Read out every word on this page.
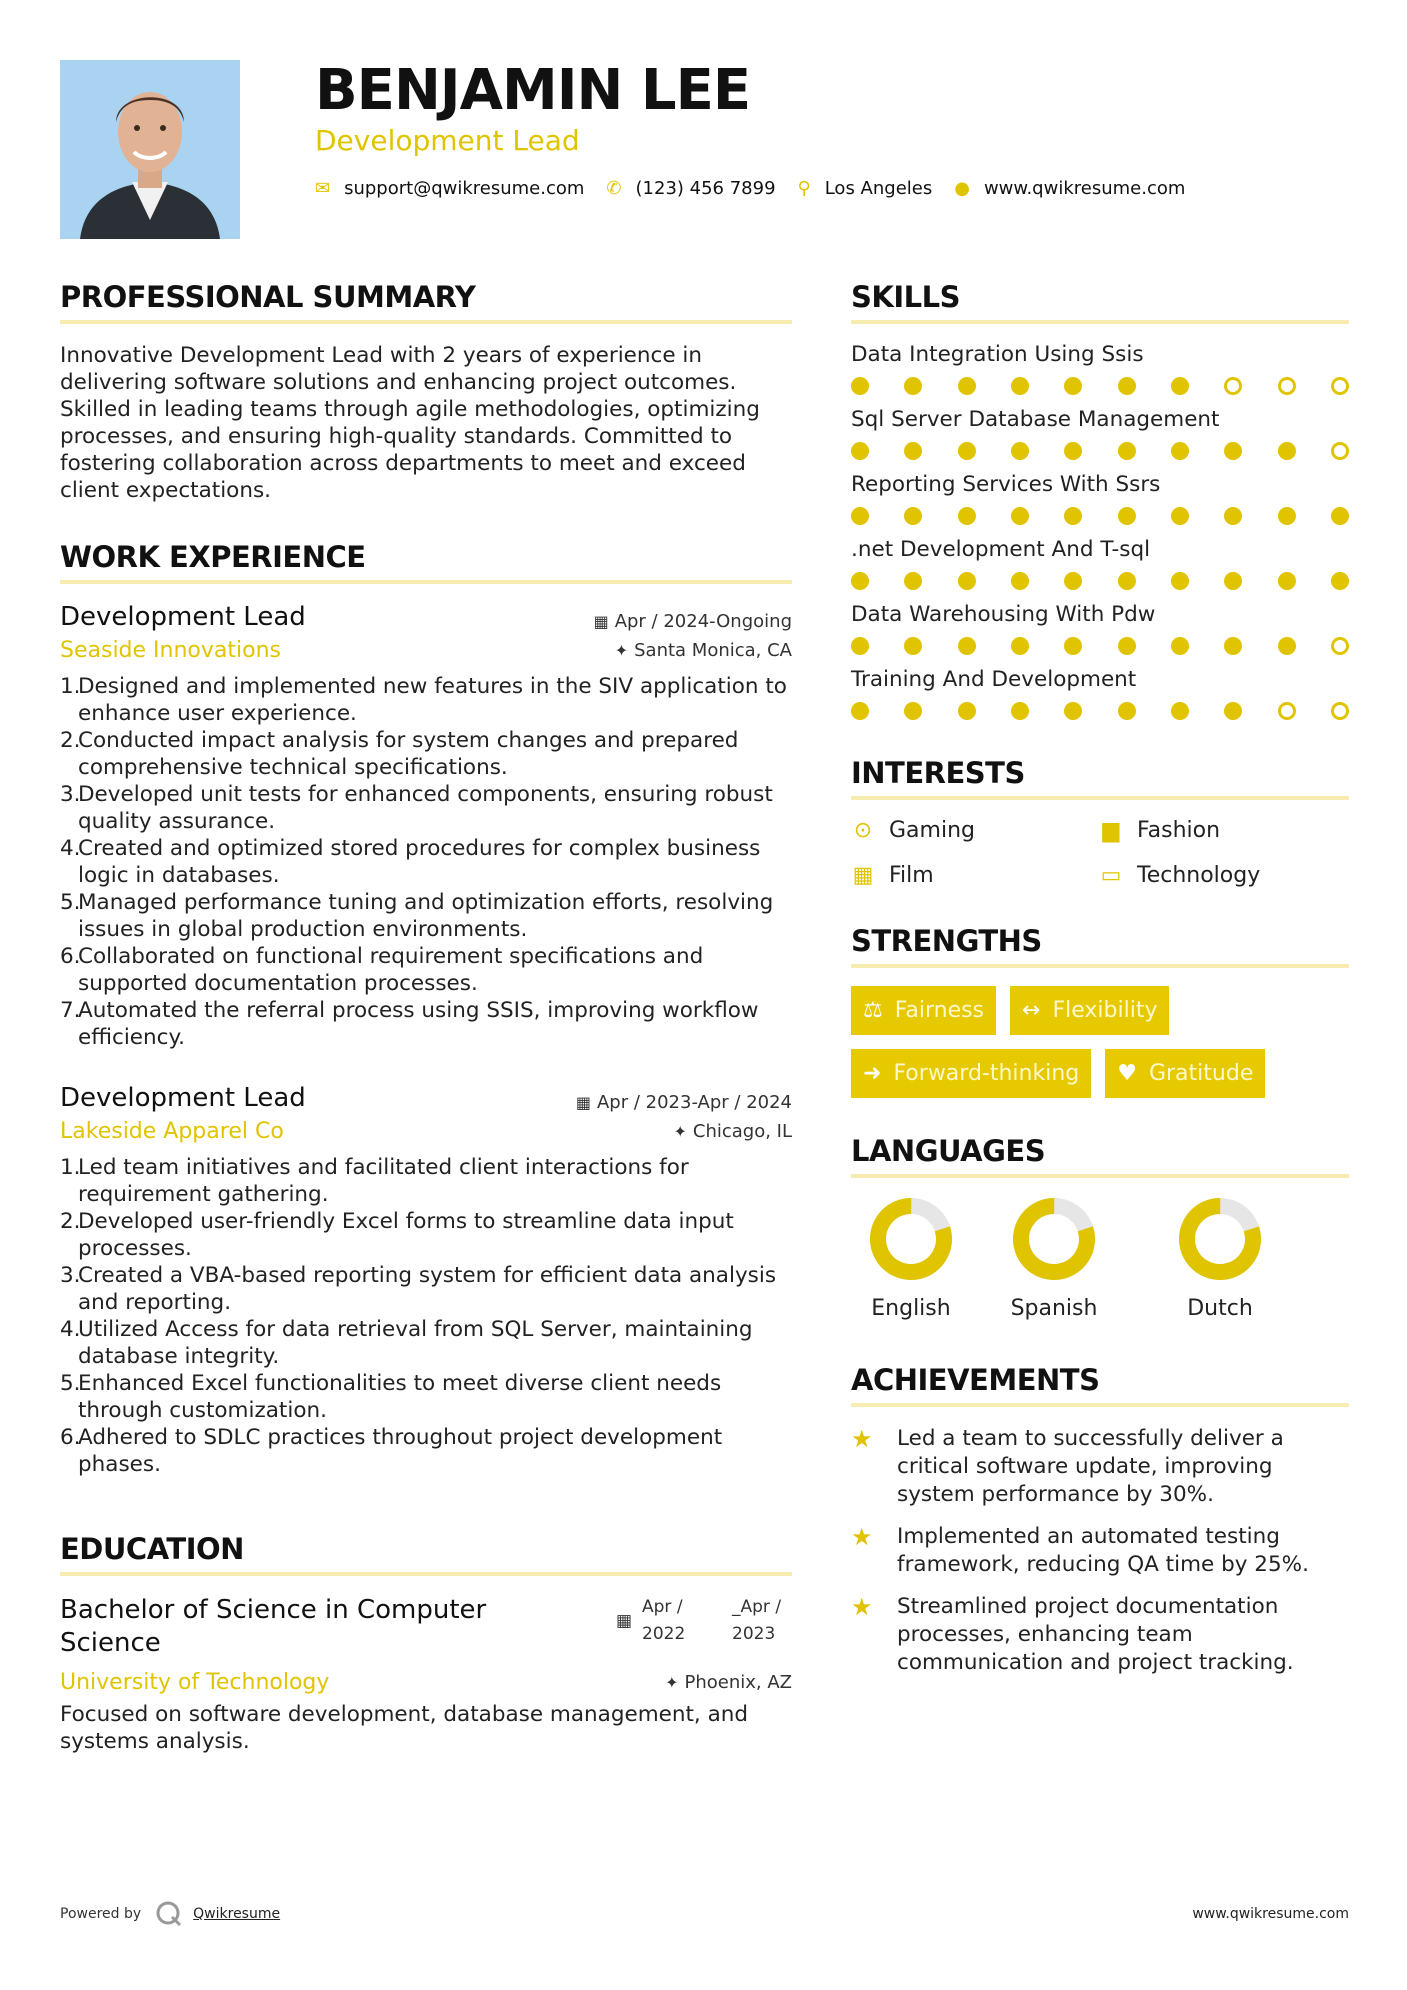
BENJAMIN LEE
Development Lead
✉ support@qwikresume.com ✆ (123) 456 7899 ⚲ Los Angeles ● www.qwikresume.com
PROFESSIONAL SUMMARY
Innovative Development Lead with 2 years of experience in delivering software solutions and enhancing project outcomes. Skilled in leading teams through agile methodologies, optimizing processes, and ensuring high-quality standards. Committed to fostering collaboration across departments to meet and exceed client expectations.
WORK EXPERIENCE
Development Lead	▦ Apr / 2024-Ongoing
Seaside Innovations	✦ Santa Monica, CA
1.
Designed and implemented new features in the SIV application to enhance user experience.
2.
Conducted impact analysis for system changes and prepared comprehensive technical specifications.
3.
Developed unit tests for enhanced components, ensuring robust quality assurance.
4.
Created and optimized stored procedures for complex business logic in databases.
5.
Managed performance tuning and optimization efforts, resolving issues in global production environments.
6.
Collaborated on functional requirement specifications and supported documentation processes.
7.
Automated the referral process using SSIS, improving workflow efficiency.
Development Lead	▦ Apr / 2023-Apr / 2024
Lakeside Apparel Co	✦ Chicago, IL
1.
Led team initiatives and facilitated client interactions for requirement gathering.
2.
Developed user-friendly Excel forms to streamline data input processes.
3.
Created a VBA-based reporting system for efficient data analysis and reporting.
4.
Utilized Access for data retrieval from SQL Server, maintaining database integrity.
5.
Enhanced Excel functionalities to meet diverse client needs through customization.
6.
Adhered to SDLC practices throughout project development phases.
EDUCATION
Bachelor of Science in Computer Science
▦
Apr /
2022
_Apr /
2023
University of Technology	✦ Phoenix, AZ
Focused on software development, database management, and systems analysis.
SKILLS
Data Integration Using Ssis
Sql Server Database Management
Reporting Services With Ssrs
.net Development And T-sql
Data Warehousing With Pdw
Training And Development
INTERESTS
⊙ Gaming	▆ Fashion
▦ Film	▭ Technology
STRENGTHS
⚖ Fairness ↔ Flexibility
➜ Forward-thinking ♥ Gratitude
LANGUAGES
English	Spanish	Dutch
ACHIEVEMENTS
★	Led a team to successfully deliver a critical software update, improving system performance by 30%.
★	Implemented an automated testing framework, reducing QA time by 25%.
★	Streamlined project documentation processes, enhancing team communication and project tracking.
Powered by	Qwikresume	www.qwikresume.com
